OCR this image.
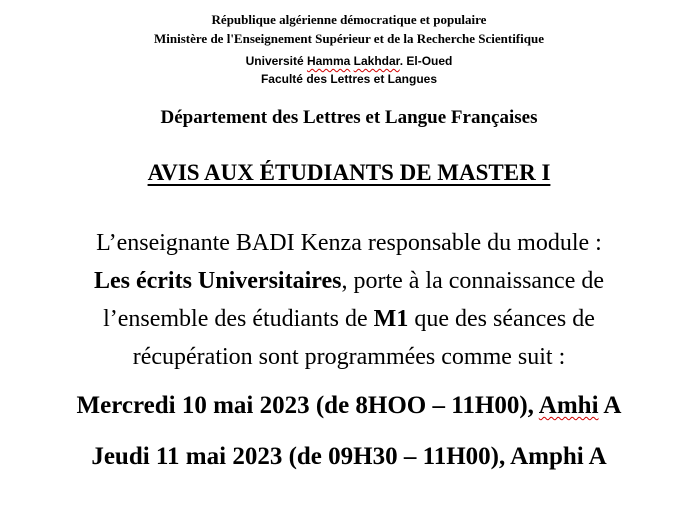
République algérienne démocratique et populaire
Ministère de l'Enseignement Supérieur et de la Recherche Scientifique
Université Hamma Lakhdar. El-Oued
Faculté des Lettres et Langues
Département des Lettres et Langue Françaises
AVIS AUX ÉTUDIANTS DE MASTER I
L’enseignante BADI Kenza responsable du module :
Les écrits Universitaires, porte à la connaissance de
l’ensemble des étudiants de M1 que des séances de
récupération sont programmées comme suit :
Mercredi 10 mai 2023 (de 8HOO – 11H00), Amhi A
Jeudi 11 mai 2023 (de 09H30 – 11H00), Amphi A
